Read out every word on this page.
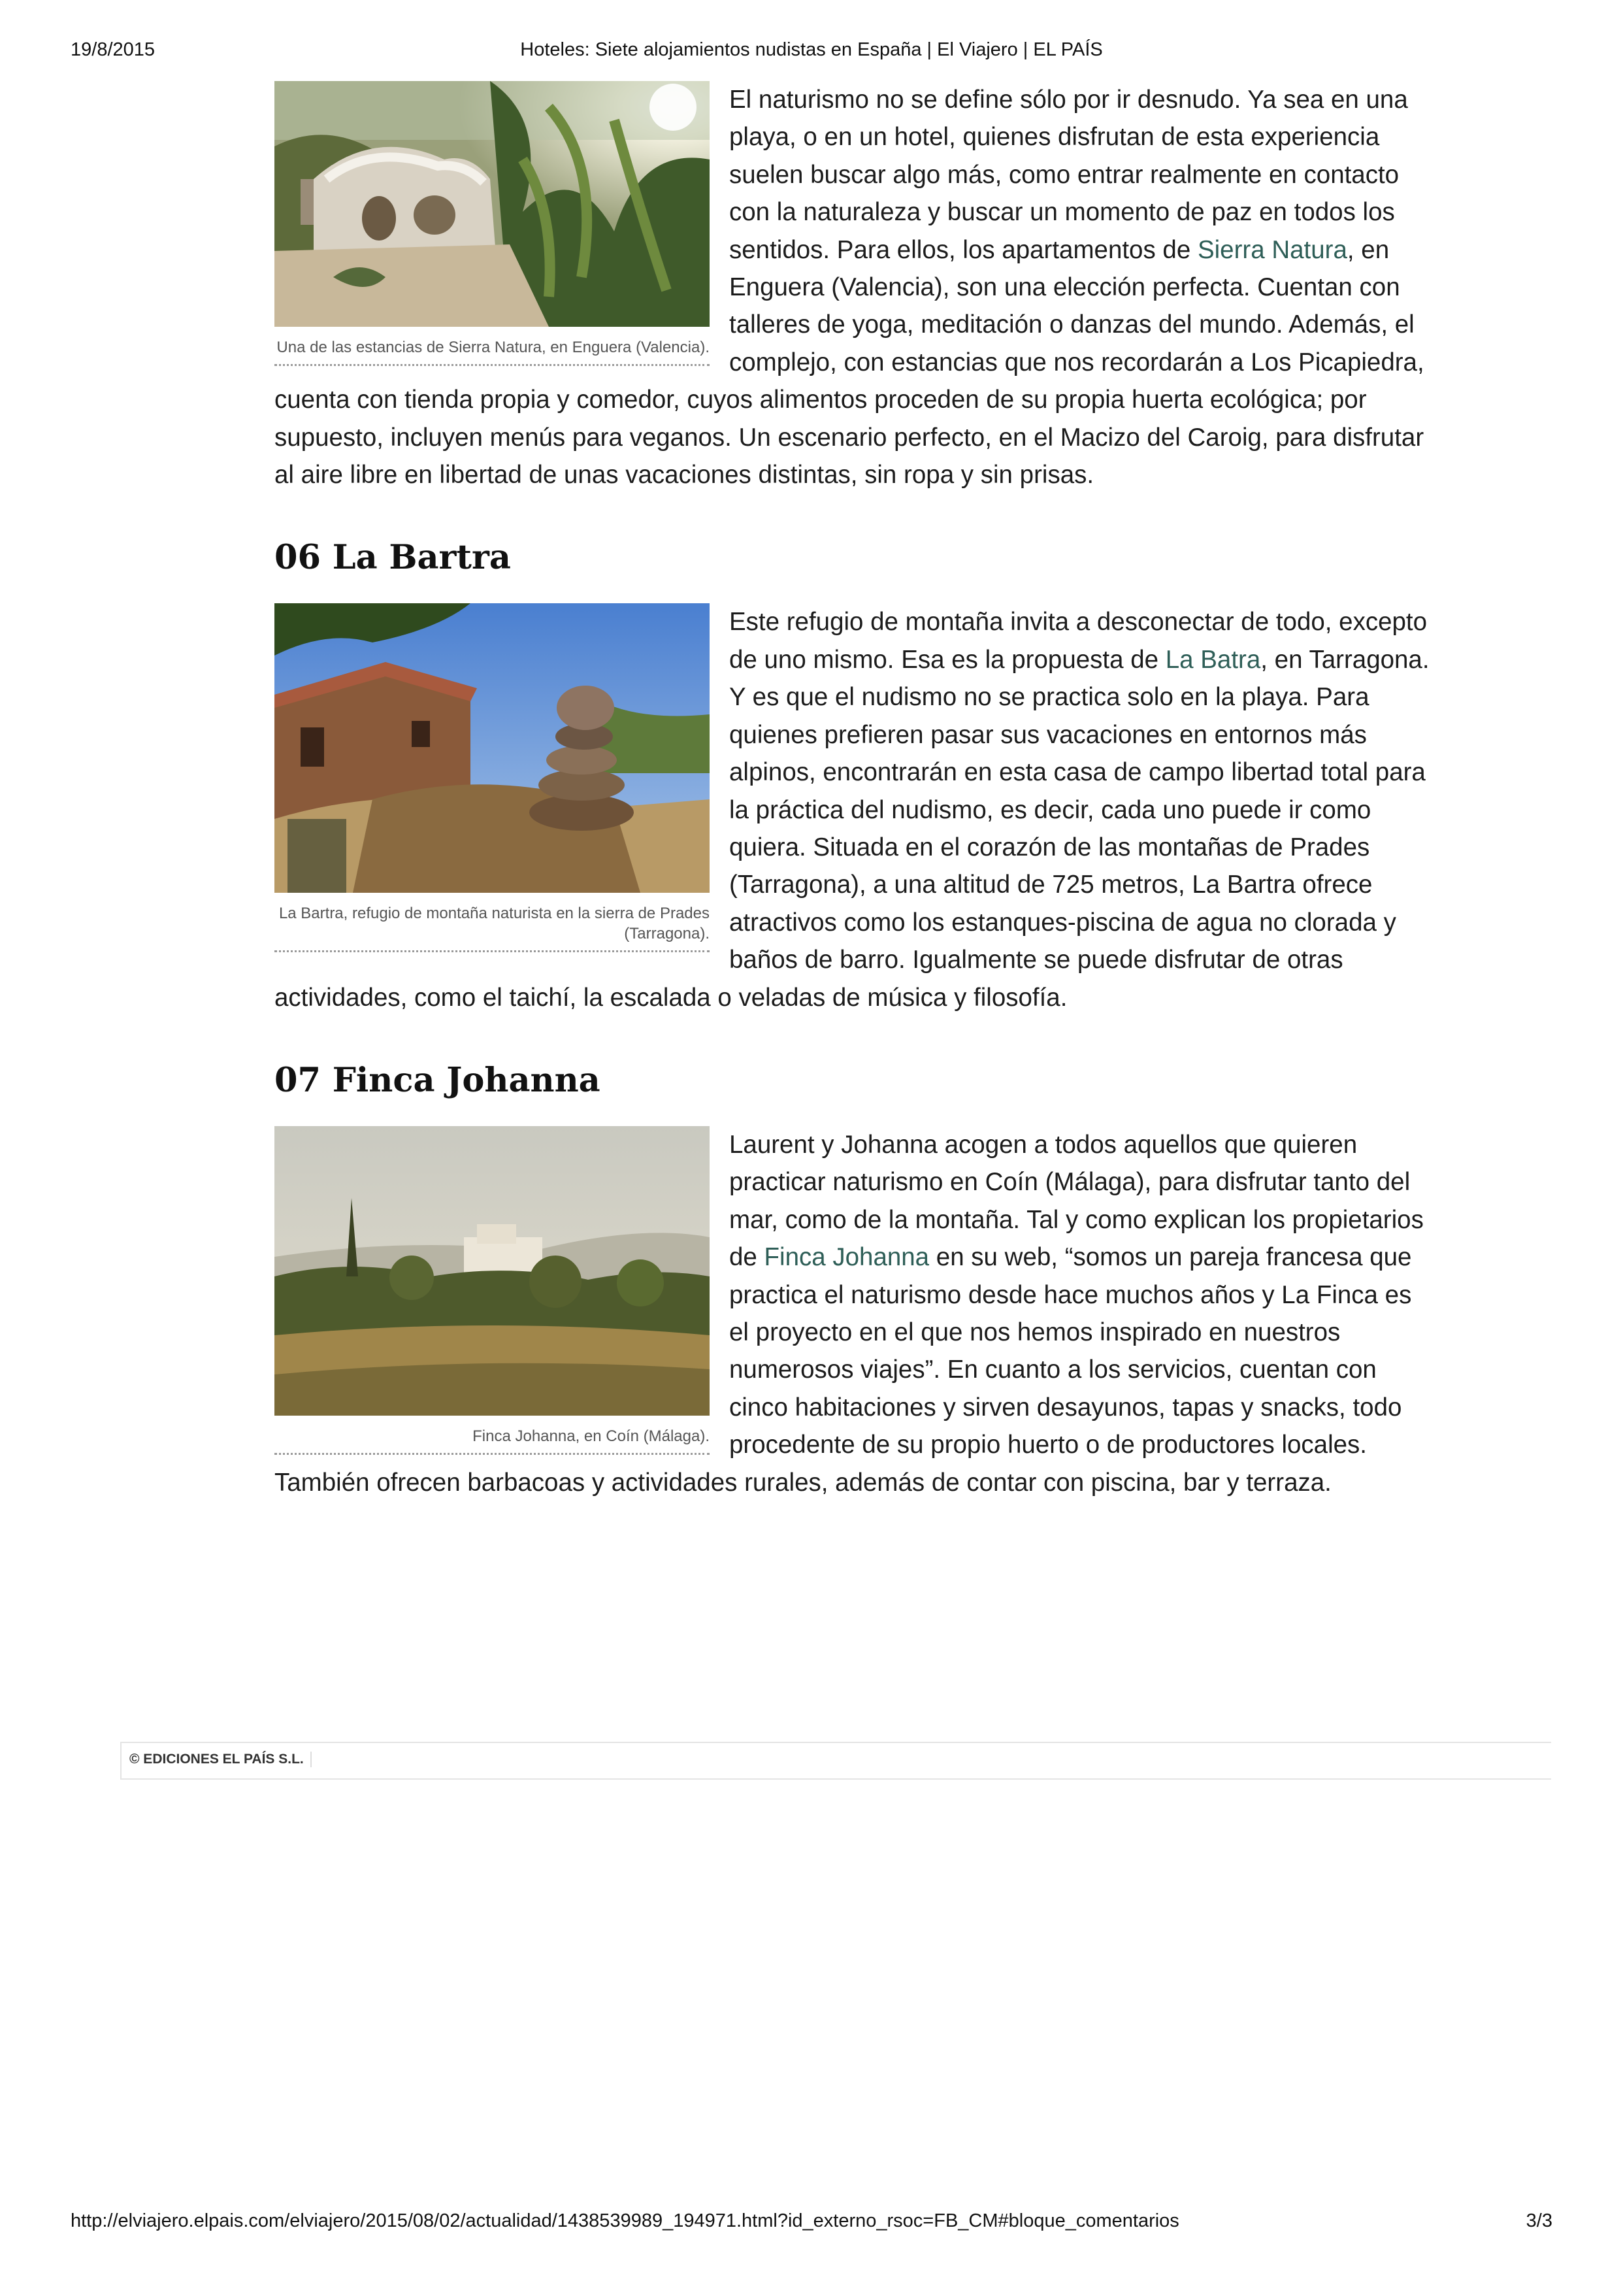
19/8/2015	Hoteles: Siete alojamientos nudistas en España | El Viajero | EL PAÍS
Una de las estancias de Sierra Natura, en Enguera (Valencia).

El naturismo no se define sólo por ir desnudo. Ya sea en una playa, o en un hotel, quienes disfrutan de esta experiencia suelen buscar algo más, como entrar realmente en contacto con la naturaleza y buscar un momento de paz en todos los sentidos. Para ellos, los apartamentos de Sierra Natura, en Enguera (Valencia), son una elección perfecta. Cuentan con talleres de yoga, meditación o danzas del mundo. Además, el complejo, con estancias que nos recordarán a Los Picapiedra, cuenta con tienda propia y comedor, cuyos alimentos proceden de su propia huerta ecológica; por supuesto, incluyen menús para veganos. Un escenario perfecto, en el Macizo del Caroig, para disfrutar al aire libre en libertad de unas vacaciones distintas, sin ropa y sin prisas.

06 La Bartra
La Bartra, refugio de montaña naturista en la sierra de Prades (Tarragona).

Este refugio de montaña invita a desconectar de todo, excepto de uno mismo. Esa es la propuesta de La Batra, en Tarragona. Y es que el nudismo no se practica solo en la playa. Para quienes prefieren pasar sus vacaciones en entornos más alpinos, encontrarán en esta casa de campo libertad total para la práctica del nudismo, es decir, cada uno puede ir como quiera. Situada en el corazón de las montañas de Prades (Tarragona), a una altitud de 725 metros, La Bartra ofrece atractivos como los estanques-piscina de agua no clorada y baños de barro. Igualmente se puede disfrutar de otras actividades, como el taichí, la escalada o veladas de música y filosofía.

07 Finca Johanna
Finca Johanna, en Coín (Málaga).

Laurent y Johanna acogen a todos aquellos que quieren practicar naturismo en Coín (Málaga), para disfrutar tanto del mar, como de la montaña. Tal y como explican los propietarios de Finca Johanna en su web, “somos un pareja francesa que practica el naturismo desde hace muchos años y La Finca es el proyecto en el que nos hemos inspirado en nuestros numerosos viajes”. En cuanto a los servicios, cuentan con cinco habitaciones y sirven desayunos, tapas y snacks, todo procedente de su propio huerto o de productores locales. También ofrecen barbacoas y actividades rurales, además de contar con piscina, bar y terraza.

© EDICIONES EL PAÍS S.L.
http://elviajero.elpais.com/elviajero/2015/08/02/actualidad/1438539989_194971.html?id_externo_rsoc=FB_CM#bloque_comentarios	3/3
